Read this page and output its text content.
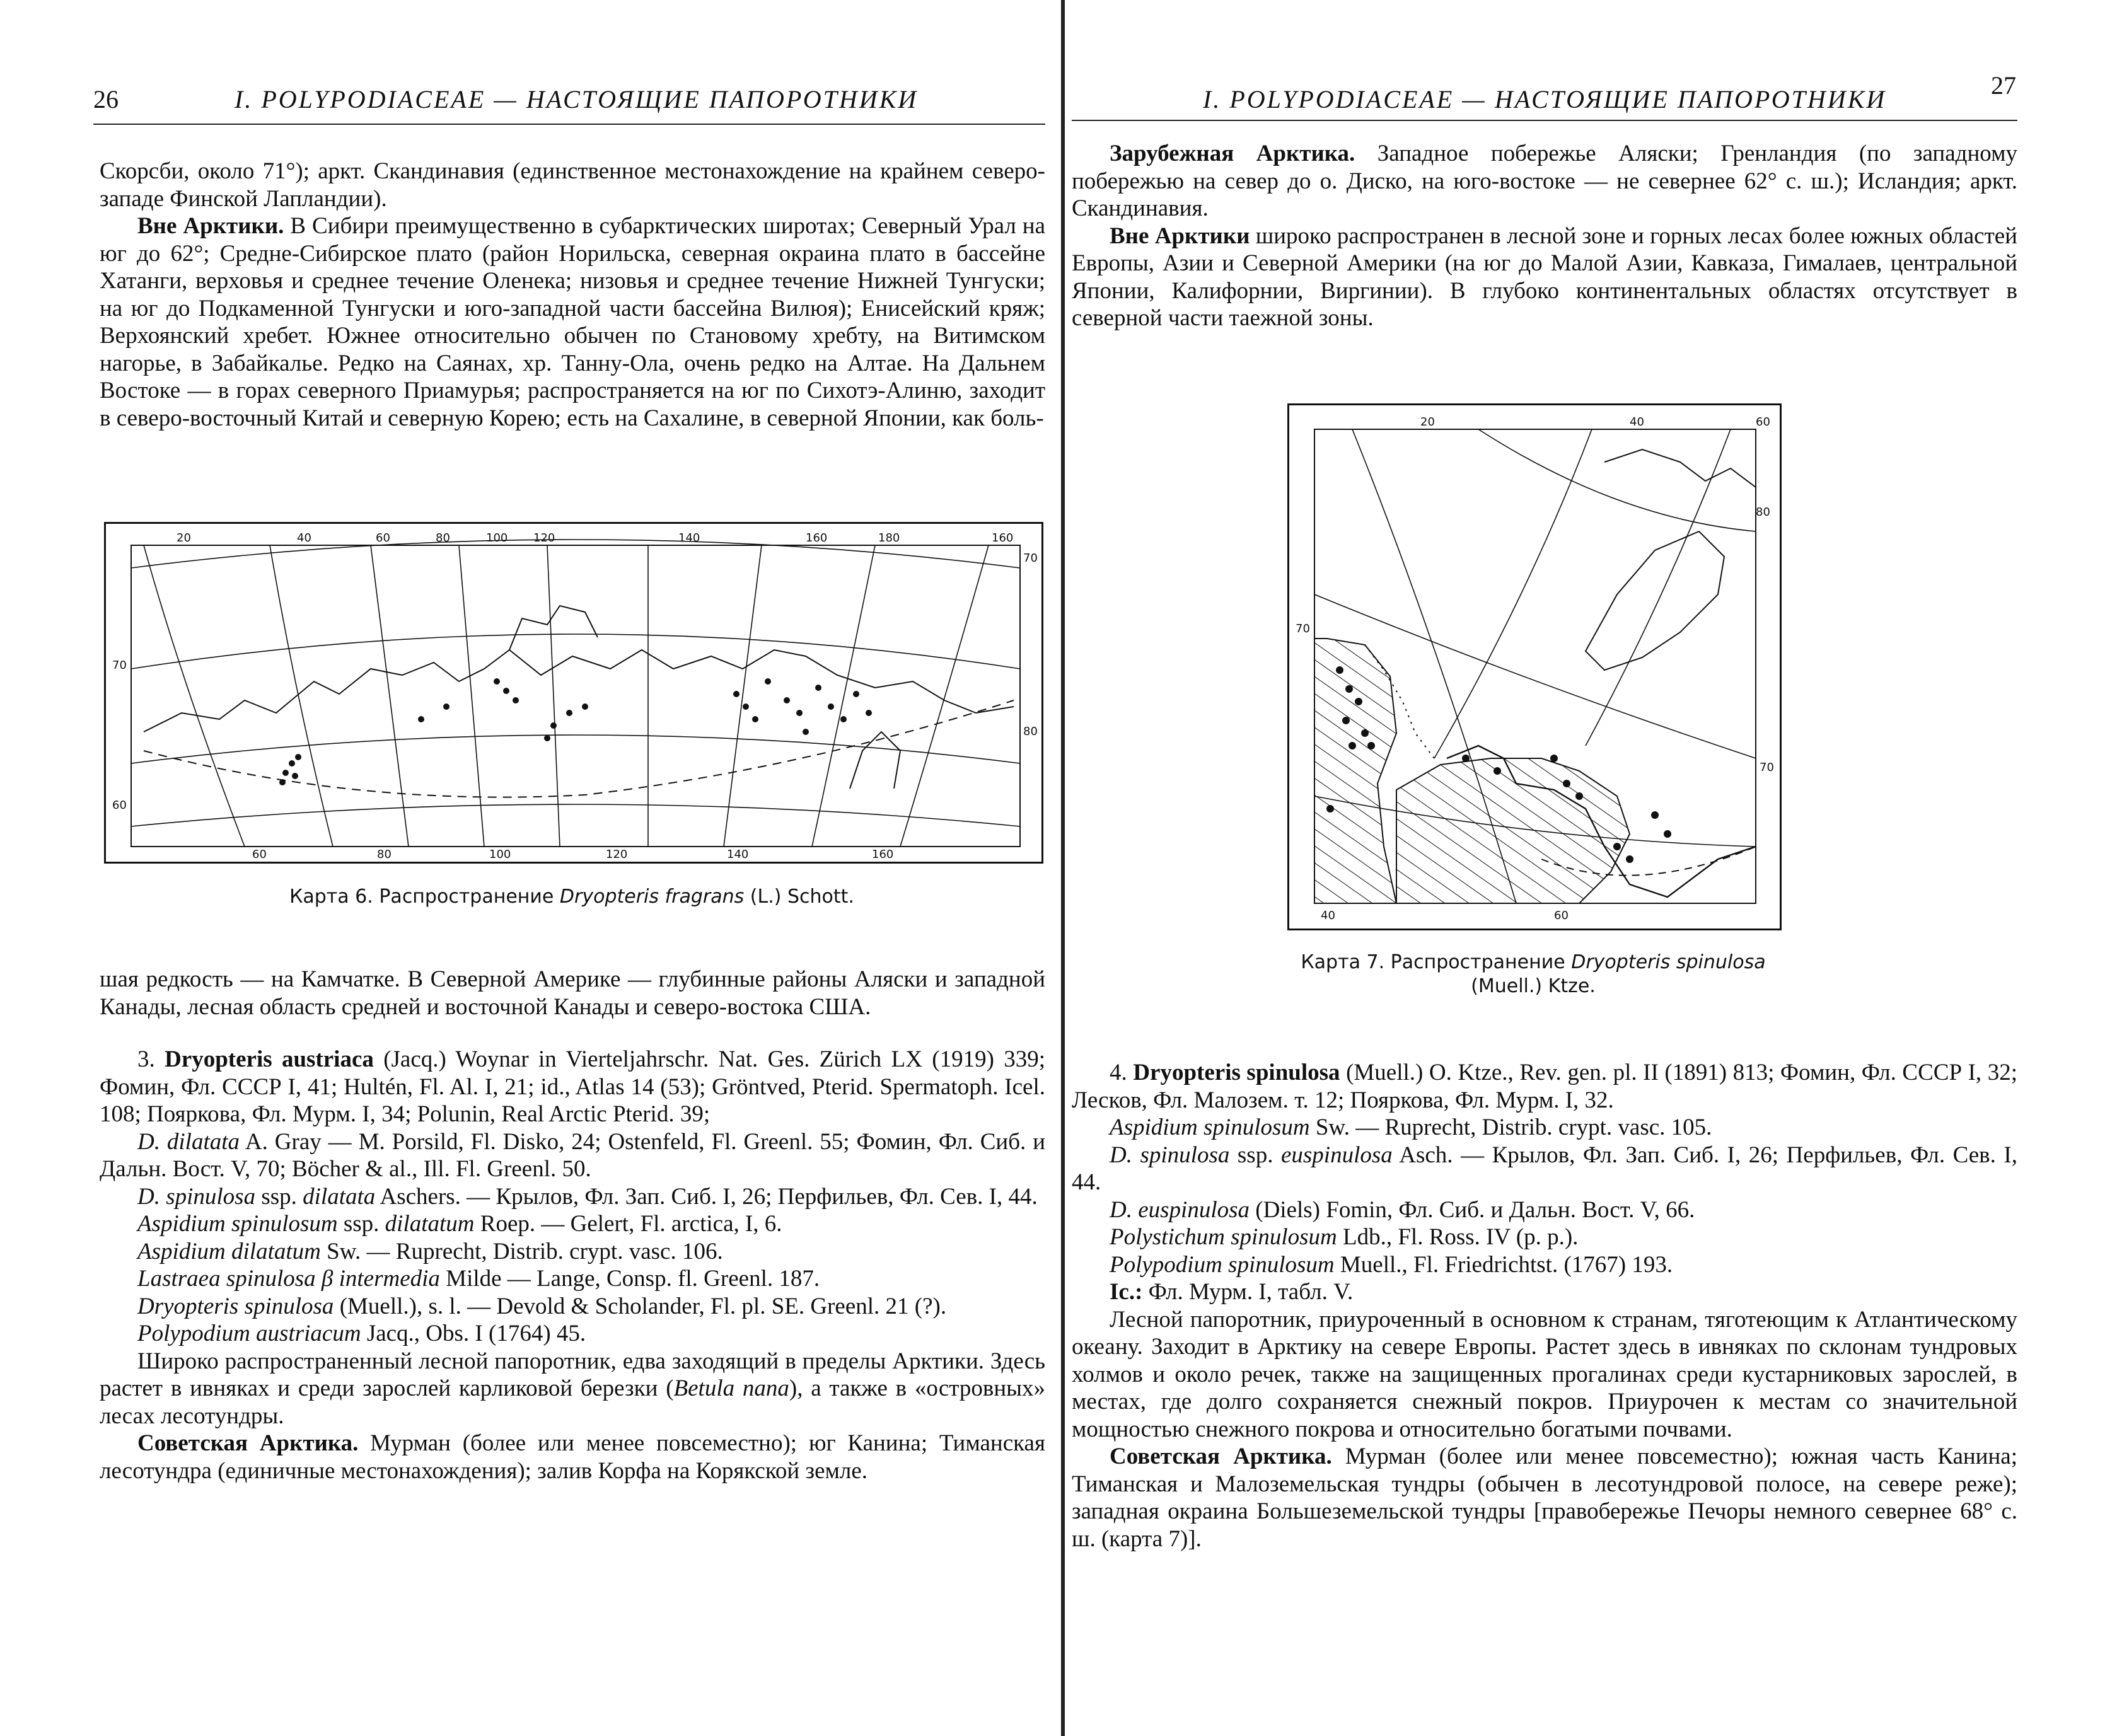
26	I. POLYPODIACEAE — НАСТОЯЩИЕ ПАПОРОТНИКИ

Скорсби, около 71°); аркт. Скандинавия (единственное местонахождение на крайнем северо-западе Финской Лапландии).

Вне Арктики. В Сибири преимущественно в субарктических широтах; Северный Урал на юг до 62°; Средне-Сибирское плато (район Норильска, северная окраина плато в бассейне Хатанги, верховья и среднее течение Оленека; низовья и среднее течение Нижней Тунгуски; на юг до Подкаменной Тунгуски и юго-западной части бассейна Вилюя); Енисейский кряж; Верхоянский хребет. Южнее относительно обычен по Становому хребту, на Витимском нагорье, в Забайкалье. Редко на Саянах, хр. Танну-Ола, очень редко на Алтае. На Дальнем Востоке — в горах северного Приамурья; распространяется на юг по Сихотэ-Алиню, заходит в северо-восточный Китай и северную Корею; есть на Сахалине, в северной Японии, как боль-

20	40	60	80	100 120	140	160	180	160
60	80	100	120	140	160
70
80
70
60
Карта 6. Распространение Dryopteris fragrans (L.) Schott.

шая редкость — на Камчатке. В Северной Америке — глубинные районы Аляски и западной Канады, лесная область средней и восточной Канады и северо-востока США.

3. Dryopteris austriaca (Jacq.) Woynar in Vierteljahrschr. Nat. Ges. Zürich LX (1919) 339; Фомин, Фл. СССР I, 41; Hultén, Fl. Al. I, 21; id., Atlas 14 (53); Gröntved, Pterid. Spermatoph. Icel. 108; Пояркова, Фл. Мурм. I, 34; Polunin, Real Arctic Pterid. 39;

D. dilatata A. Gray — M. Porsild, Fl. Disko, 24; Ostenfeld, Fl. Greenl. 55; Фомин, Фл. Сиб. и Дальн. Вост. V, 70; Böcher & al., Ill. Fl. Greenl. 50.

D. spinulosa ssp. dilatata Aschers. — Крылов, Фл. Зап. Сиб. I, 26; Перфильев, Фл. Сев. I, 44.

Aspidium spinulosum ssp. dilatatum Roep. — Gelert, Fl. arctica, I, 6.

Aspidium dilatatum Sw. — Ruprecht, Distrib. crypt. vasc. 106.

Lastraea spinulosa β intermedia Milde — Lange, Consp. fl. Greenl. 187.

Dryopteris spinulosa (Muell.), s. l. — Devold & Scholander, Fl. pl. SE. Greenl. 21 (?).

Polypodium austriacum Jacq., Obs. I (1764) 45.

Широко распространенный лесной папоротник, едва заходящий в пределы Арктики. Здесь растет в ивняках и среди зарослей карликовой березки (Betula nana), а также в «островных» лесах лесотундры.

Советская Арктика. Мурман (более или менее повсеместно); юг Канина; Тиманская лесотундра (единичные местонахождения); залив Корфа на Корякской земле.

I. POLYPODIACEAE — НАСТОЯЩИЕ ПАПОРОТНИКИ	27

Зарубежная Арктика. Западное побережье Аляски; Гренландия (по западному побережью на север до о. Диско, на юго-востоке — не севернее 62° с. ш.); Исландия; аркт. Скандинавия.

Вне Арктики широко распространен в лесной зоне и горных лесах более южных областей Европы, Азии и Северной Америки (на юг до Малой Азии, Кавказа, Гималаев, центральной Японии, Калифорнии, Виргинии). В глубоко континентальных областях отсутствует в северной части таежной зоны.

20	40	60
80
70
70
40	60
Карта 7. Распространение Dryopteris spinulosa
(Muell.) Ktze.

4. Dryopteris spinulosa (Muell.) O. Ktze., Rev. gen. pl. II (1891) 813; Фомин, Фл. СССР I, 32; Лесков, Фл. Малозем. т. 12; Пояркова, Фл. Мурм. I, 32.

Aspidium spinulosum Sw. — Ruprecht, Distrib. crypt. vasc. 105.

D. spinulosa ssp. euspinulosa Asch. — Крылов, Фл. Зап. Сиб. I, 26; Перфильев, Фл. Сев. I, 44.

D. euspinulosa (Diels) Fomin, Фл. Сиб. и Дальн. Вост. V, 66.

Polystichum spinulosum Ldb., Fl. Ross. IV (p. p.).

Polypodium spinulosum Muell., Fl. Friedrichtst. (1767) 193.

Ic.: Фл. Мурм. I, табл. V.

Лесной папоротник, приуроченный в основном к странам, тяготеющим к Атлантическому океану. Заходит в Арктику на севере Европы. Растет здесь в ивняках по склонам тундровых холмов и около речек, также на защищенных прогалинах среди кустарниковых зарослей, в местах, где долго сохраняется снежный покров. Приурочен к местам со значительной мощностью снежного покрова и относительно богатыми почвами.

Советская Арктика. Мурман (более или менее повсеместно); южная часть Канина; Тиманская и Малоземельская тундры (обычен в лесотундровой полосе, на севере реже); западная окраина Большеземельской тундры [правобережье Печоры немного севернее 68° с. ш. (карта 7)].
